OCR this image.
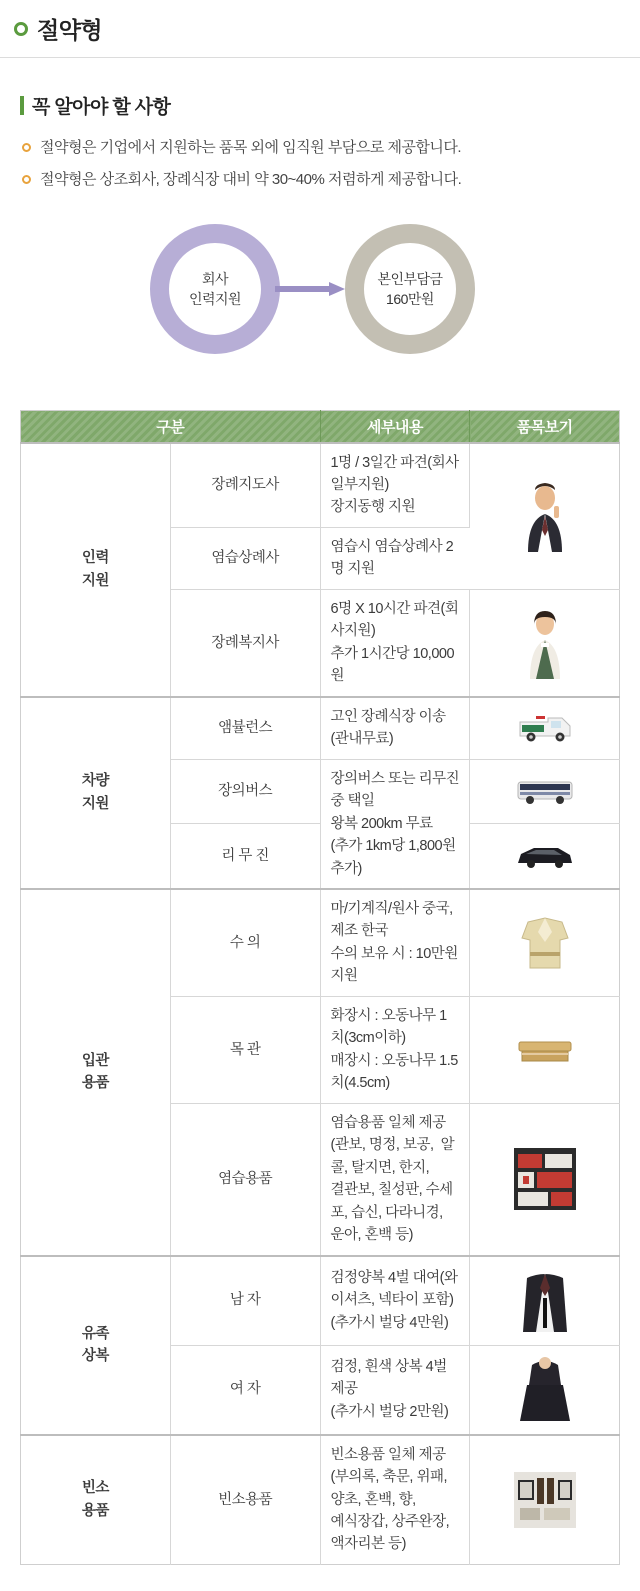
절약형
꼭 알아야 할 사항
절약형은 기업에서 지원하는 품목 외에 임직원 부담으로 제공합니다.
절약형은 상조회사, 장례식장 대비 약 30~40% 저렴하게 제공합니다.
회사
인력지원
본인부담금
160만원
구분		세부내용	품목보기
인력
지원	장례지도사	1명 / 3일간 파견(회사일부지원)
장지동행 지원	

	염습상례사	염습시 염습상례사 2명 지원	
	장례복지사	6명 X 10시간 파견(회사지원)
추가 1시간당 10,000원	

차량
지원	앰뷸런스	고인 장례식장 이송(관내무료)	

	장의버스	장의버스 또는 리무진 중 택일
왕복 200km 무료
(추가 1km당 1,800원 추가)	

	리 무 진	

입관
용품	수 의	마/기계직/원사 중국, 제조 한국
수의 보유 시 : 10만원 지원	

	목 관	화장시 : 오동나무 1치(3cm이하)
매장시 : 오동나무 1.5치(4.5cm)	

	염습용품	염습용품 일체 제공
(관보, 명정, 보공,  알콜, 탈지면, 한지,
결관보, 칠성판, 수세포, 습신, 다라니경,
운아, 혼백 등)	

유족
상복	남 자	검정양복 4벌 대여(와이셔츠, 넥타이 포함)
(추가시 벌당 4만원)	

	여 자	검정, 흰색 상복 4벌 제공
(추가시 벌당 2만원)	

빈소
용품	빈소용품	빈소용품 일체 제공
(부의록, 축문, 위패, 양초, 혼백, 향,
예식장갑, 상주완장, 액자리본 등)	
